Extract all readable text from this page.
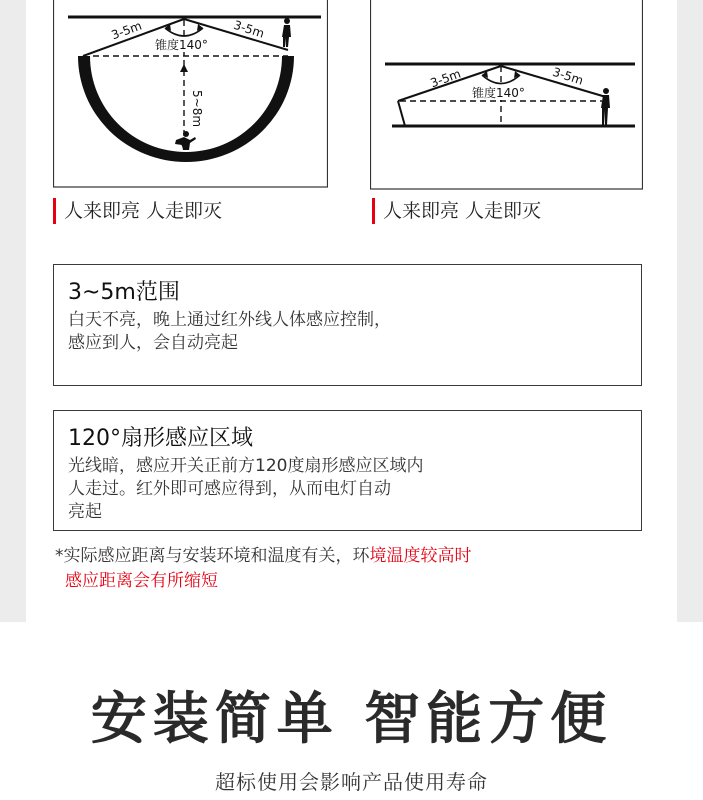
3-5m	3-5m
锥度140°
5~8m
人来即亮 人走即灭
3-5m	3-5m
锥度140°
人来即亮 人走即灭
3~5m范围
白天不亮，晚上通过红外线人体感应控制，
感应到人，会自动亮起
120°扇形感应区域
光线暗，感应开关正前方120度扇形感应区域内
人走过。红外即可感应得到，从而电灯自动
亮起
*实际感应距离与安装环境和温度有关，环境温度较高时
感应距离会有所缩短
安装简单 智能方便
超标使用会影响产品使用寿命
